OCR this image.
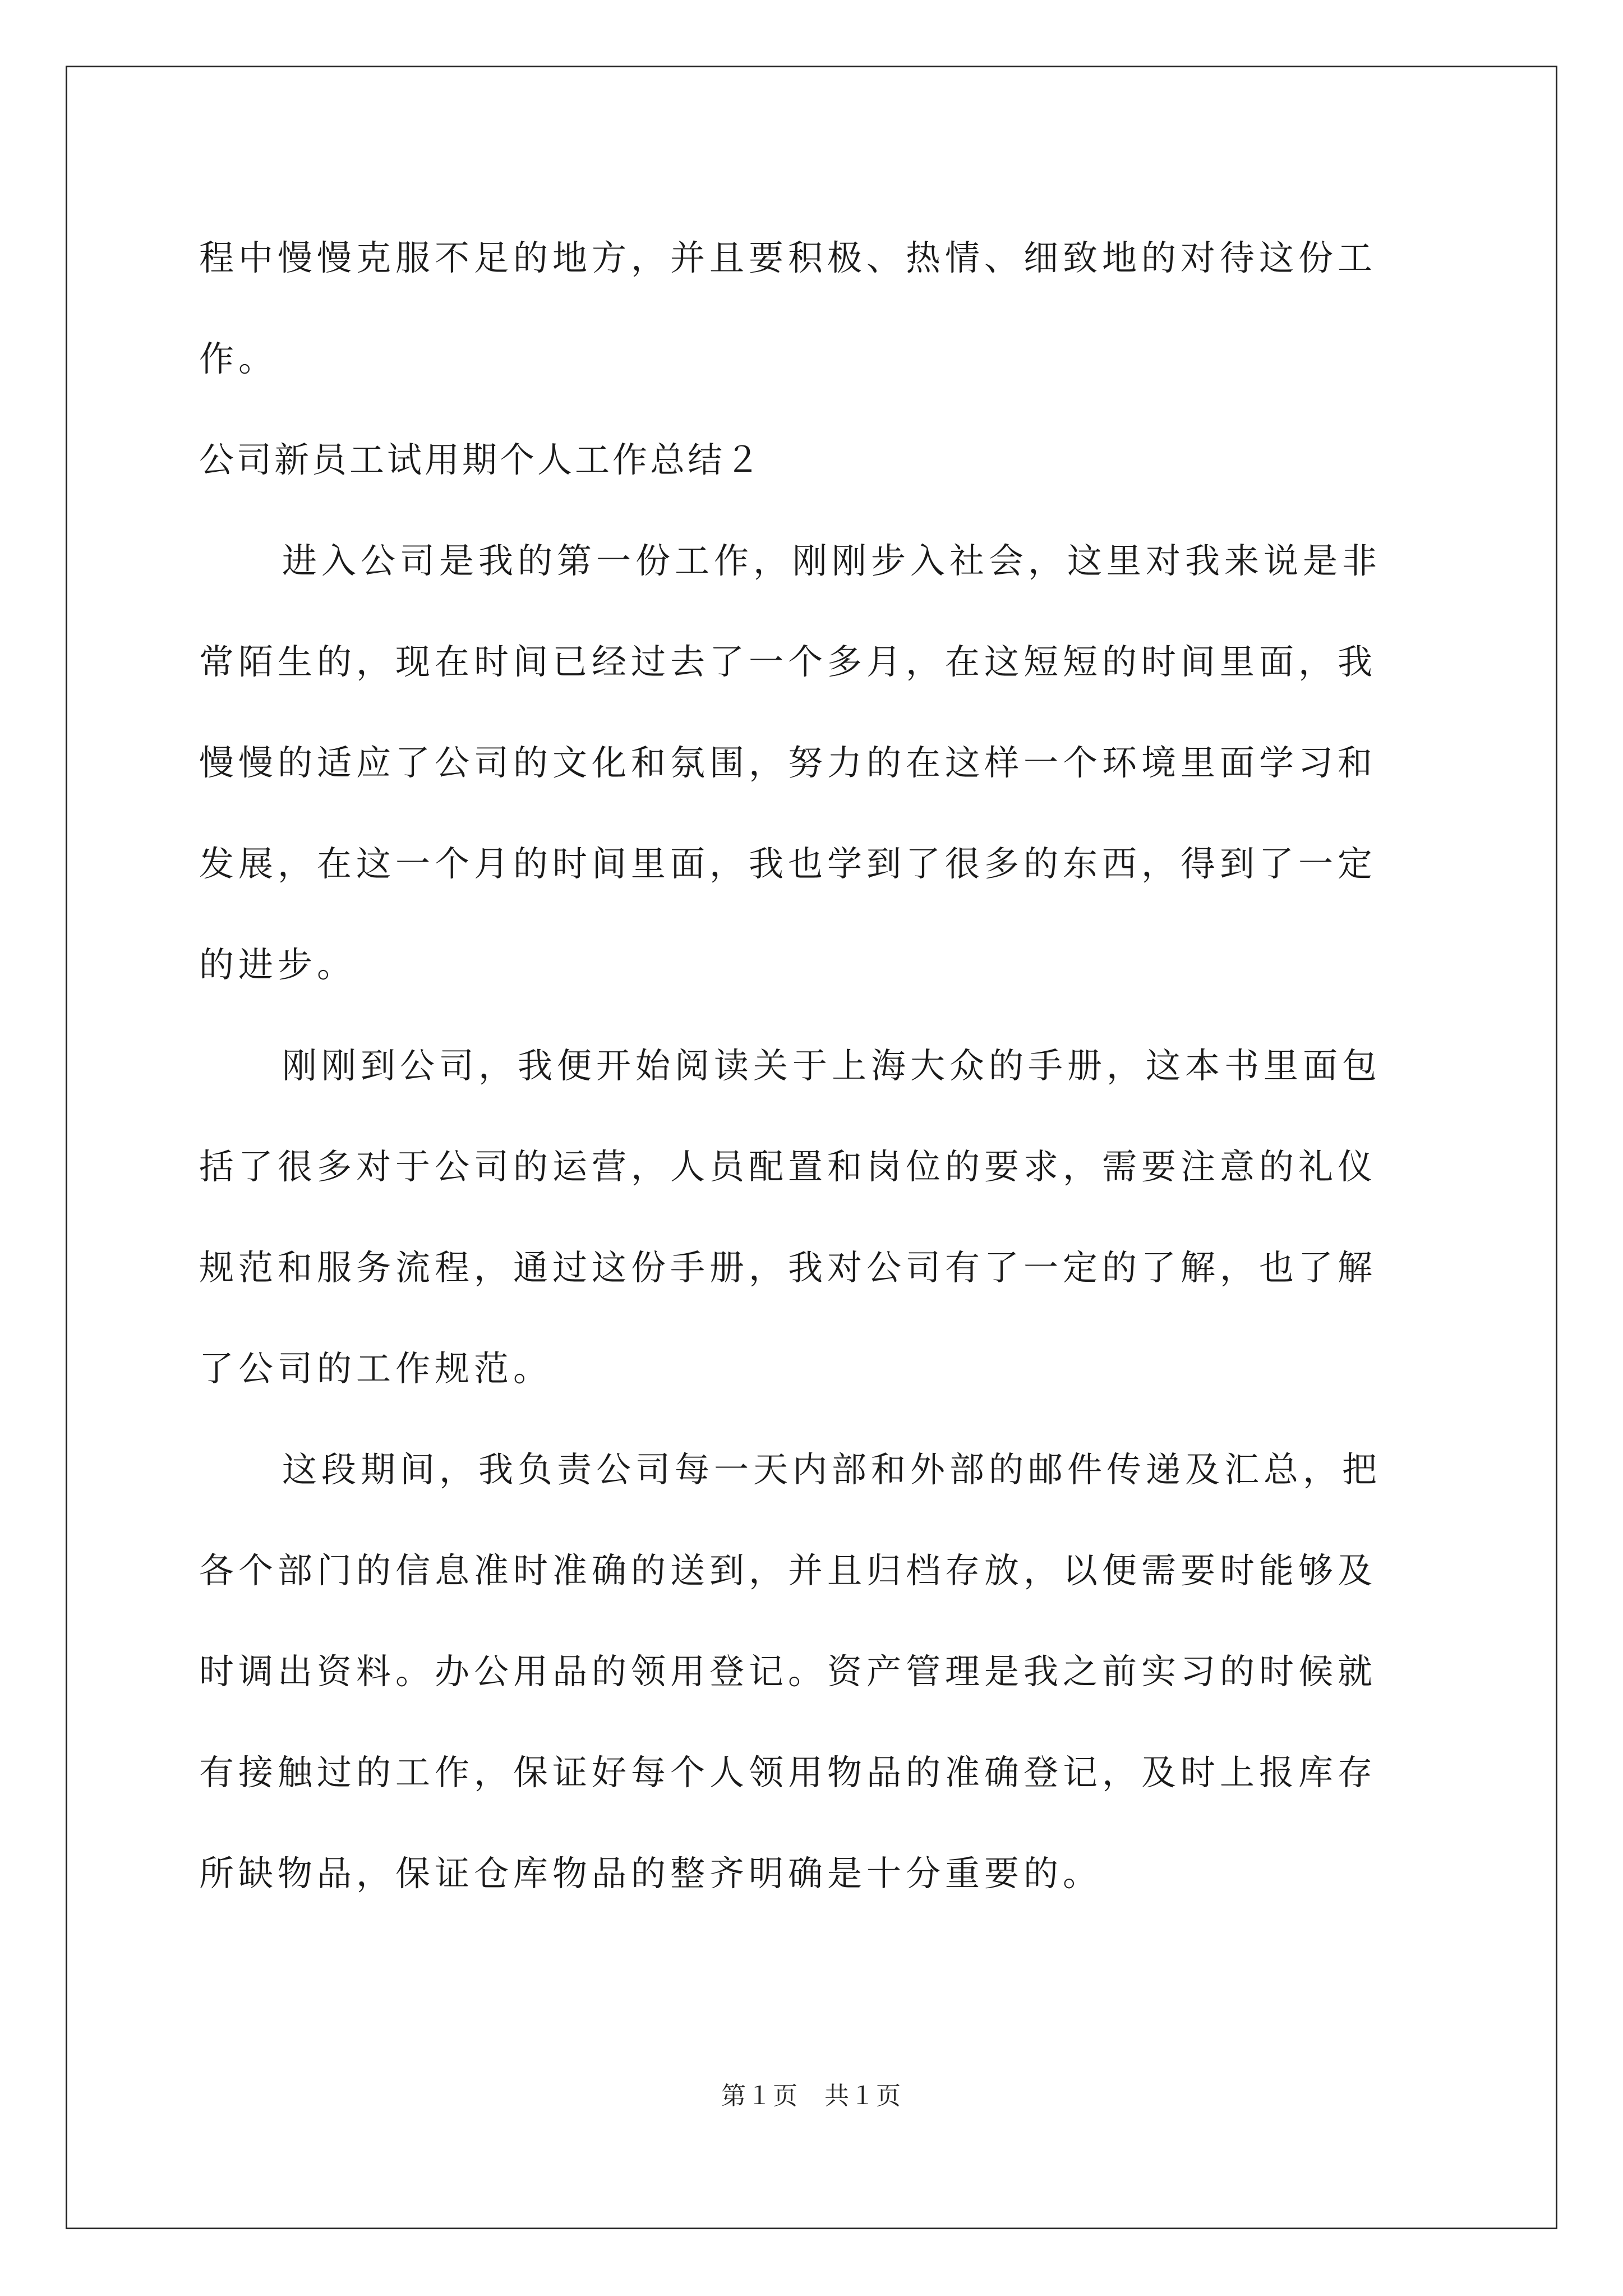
程中慢慢克服不足的地方，并且要积极、热情、细致地的对待这份工
作。
公司新员工试用期个人工作总结２
进入公司是我的第一份工作，刚刚步入社会，这里对我来说是非
常陌生的，现在时间已经过去了一个多月，在这短短的时间里面，我
慢慢的适应了公司的文化和氛围，努力的在这样一个环境里面学习和
发展，在这一个月的时间里面，我也学到了很多的东西，得到了一定
的进步。
刚刚到公司，我便开始阅读关于上海大众的手册，这本书里面包
括了很多对于公司的运营，人员配置和岗位的要求，需要注意的礼仪
规范和服务流程，通过这份手册，我对公司有了一定的了解，也了解
了公司的工作规范。
这段期间，我负责公司每一天内部和外部的邮件传递及汇总，把
各个部门的信息准时准确的送到，并且归档存放，以便需要时能够及
时调出资料。办公用品的领用登记。资产管理是我之前实习的时候就
有接触过的工作，保证好每个人领用物品的准确登记，及时上报库存
所缺物品，保证仓库物品的整齐明确是十分重要的。
第１页　共１页
